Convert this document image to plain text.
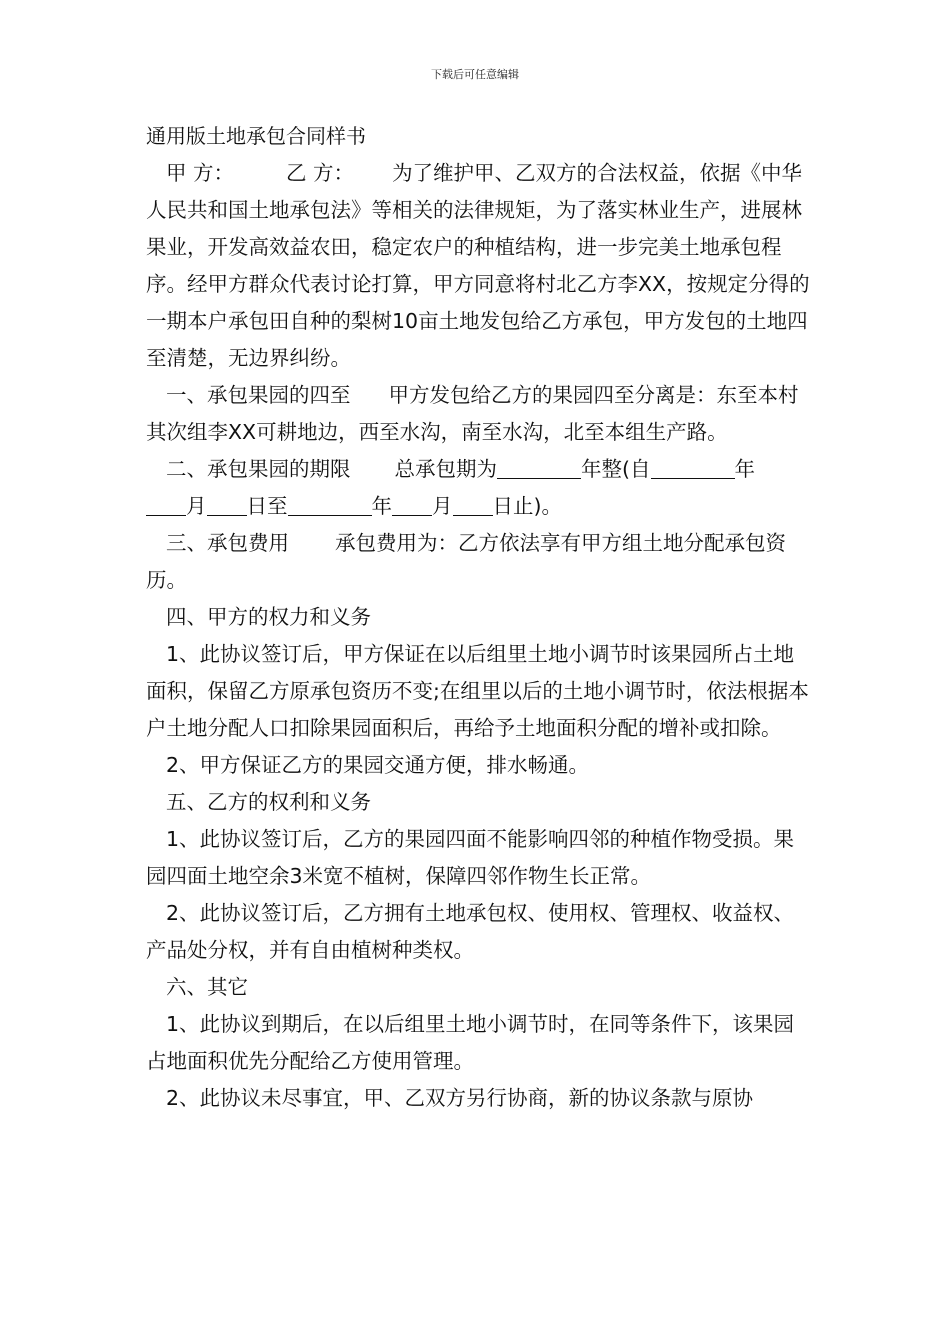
下载后可任意编辑
通用版土地承包合同样书

甲 方：	乙 方： 为了维护甲、乙双方的合法权益，依据《中华人民共和国土地承包法》等相关的法律规矩，为了落实林业生产，进展林果业，开发高效益农田，稳定农户的种植结构，进一步完美土地承包程序。经甲方群众代表讨论打算，甲方同意将村北乙方李XX，按规定分得的一期本户承包田自种的梨树10亩土地发包给乙方承包，甲方发包的土地四至清楚，无边界纠纷。

一、承包果园的四至 甲方发包给乙方的果园四至分离是：东至本村其次组李XX可耕地边，西至水沟，南至水沟，北至本组生产路。

二、承包果园的期限 总承包期为	年整(自	年
月 日至	年 月 日止)。

三、承包费用 承包费用为：乙方依法享有甲方组土地分配承包资历。

四、甲方的权力和义务

1、此协议签订后，甲方保证在以后组里土地小调节时该果园所占土地面积，保留乙方原承包资历不变;在组里以后的土地小调节时，依法根据本户土地分配人口扣除果园面积后，再给予土地面积分配的增补或扣除。

2、甲方保证乙方的果园交通方便，排水畅通。

五、乙方的权利和义务

1、此协议签订后，乙方的果园四面不能影响四邻的种植作物受损。果园四面土地空余3米宽不植树，保障四邻作物生长正常。

2、此协议签订后，乙方拥有土地承包权、使用权、管理权、收益权、产品处分权，并有自由植树种类权。

六、其它

1、此协议到期后，在以后组里土地小调节时，在同等条件下，该果园占地面积优先分配给乙方使用管理。

2、此协议未尽事宜，甲、乙双方另行协商，新的协议条款与原协
